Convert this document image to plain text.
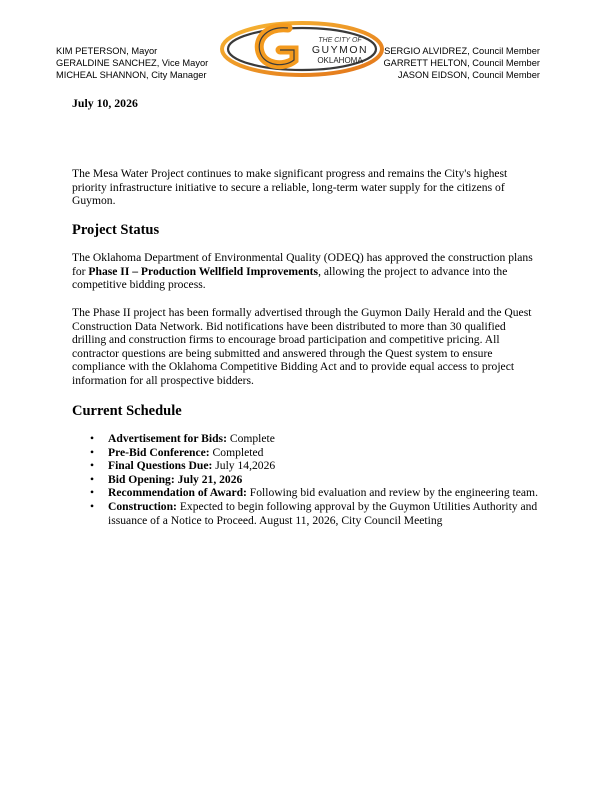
KIM PETERSON, Mayor
GERALDINE SANCHEZ, Vice Mayor
MICHEAL SHANNON, City Manager
THE CITY OF
GUYMON
OKLAHOMA
SERGIO ALVIDREZ, Council Member
GARRETT HELTON, Council Member
JASON EIDSON, Council Member
July 10, 2026

The Mesa Water Project continues to make significant progress and remains the City's highest priority infrastructure initiative to secure a reliable, long-term water supply for the citizens of Guymon.

Project Status

The Oklahoma Department of Environmental Quality (ODEQ) has approved the construction plans for Phase II – Production Wellfield Improvements, allowing the project to advance into the competitive bidding process.

The Phase II project has been formally advertised through the Guymon Daily Herald and the Quest Construction Data Network. Bid notifications have been distributed to more than 30 qualified drilling and construction firms to encourage broad participation and competitive pricing. All contractor questions are being submitted and answered through the Quest system to ensure compliance with the Oklahoma Competitive Bidding Act and to provide equal access to project information for all prospective bidders.

Current Schedule
• Advertisement for Bids: Complete
• Pre-Bid Conference: Completed
• Final Questions Due: July 14,2026
• Bid Opening: July 21, 2026
• Recommendation of Award: Following bid evaluation and review by the engineering team.
• Construction: Expected to begin following approval by the Guymon Utilities Authority and issuance of a Notice to Proceed. August 11, 2026, City Council Meeting
